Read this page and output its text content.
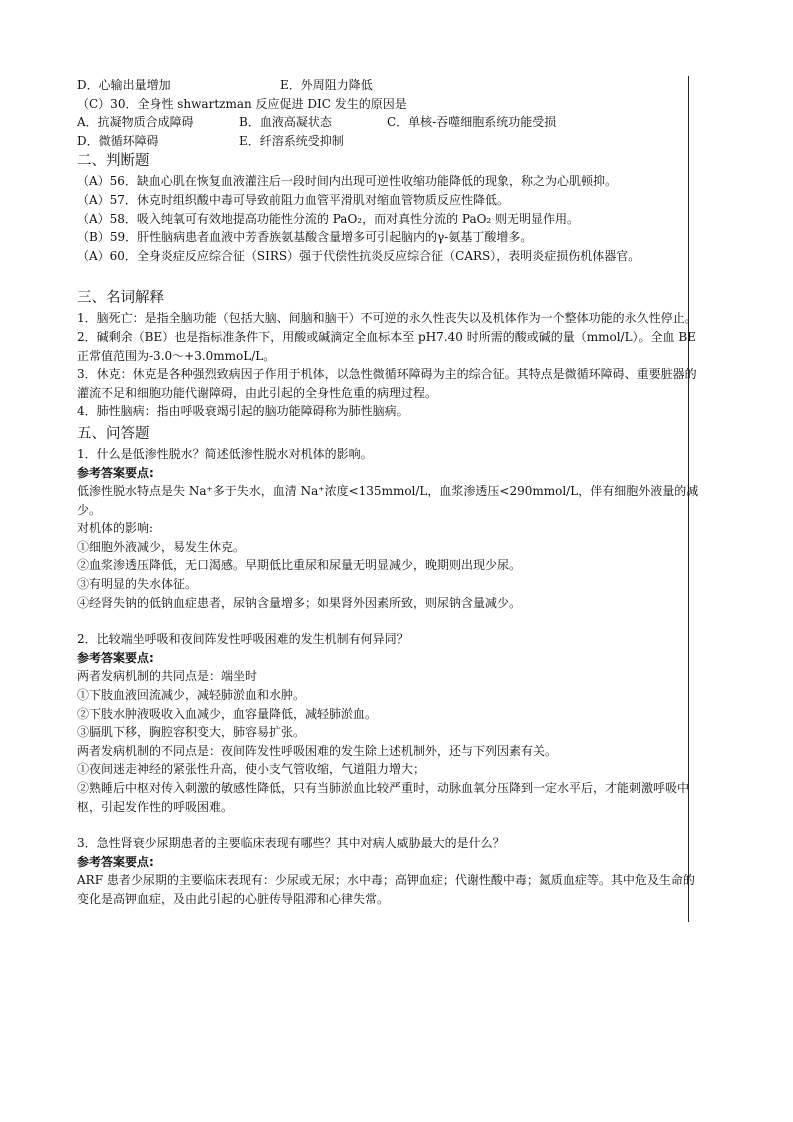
D．心输出量增加	E．外周阻力降低
（C）30．全身性 shwartzman 反应促进 DIC 发生的原因是
A．抗凝物质合成障碍	B．血液高凝状态	C．单核-吞噬细胞系统功能受损
D．微循环障碍	E．纤溶系统受抑制
二、判断题
（A）56．缺血心肌在恢复血液灌注后一段时间内出现可逆性收缩功能降低的现象，称之为心肌顿抑。
（A）57．休克时组织酸中毒可导致前阻力血管平滑肌对缩血管物质反应性降低。
（A）58．吸入纯氧可有效地提高功能性分流的 PaO₂，而对真性分流的 PaO₂ 则无明显作用。
（B）59．肝性脑病患者血液中芳香族氨基酸含量增多可引起脑内的γ-氨基丁酸增多。
（A）60．全身炎症反应综合征（SIRS）强于代偿性抗炎反应综合征（CARS），表明炎症损伤机体器官。
三、名词解释
1．脑死亡：是指全脑功能（包括大脑、间脑和脑干）不可逆的永久性丧失以及机体作为一个整体功能的永久性停止。
2．碱剩余（BE）也是指标准条件下，用酸或碱滴定全血标本至 pH7.40 时所需的酸或碱的量（mmol/L）。全血 BE 正常值范围为-3.0～+3.0mmoL/L。
3．休克：休克是各种强烈致病因子作用于机体，以急性微循环障碍为主的综合征。其特点是微循环障碍、重要脏器的灌流不足和细胞功能代谢障碍，由此引起的全身性危重的病理过程。
4．肺性脑病：指由呼吸衰竭引起的脑功能障碍称为肺性脑病。
五、问答题
1．什么是低渗性脱水？简述低渗性脱水对机体的影响。
参考答案要点:
低渗性脱水特点是失 Na⁺多于失水，血清 Na⁺浓度<135mmol/L，血浆渗透压<290mmol/L，伴有细胞外液量的减少。
对机体的影响:
①细胞外液减少，易发生休克。
②血浆渗透压降低，无口渴感。早期低比重尿和尿量无明显减少，晚期则出现少尿。
③有明显的失水体征。
④经肾失钠的低钠血症患者，尿钠含量增多；如果肾外因素所致，则尿钠含量减少。
2．比较端坐呼吸和夜间阵发性呼吸困难的发生机制有何异同？
参考答案要点:
两者发病机制的共同点是：端坐时
①下肢血液回流减少，减轻肺淤血和水肿。
②下肢水肿液吸收入血减少，血容量降低，减轻肺淤血。
③膈肌下移，胸腔容积变大，肺容易扩张。
两者发病机制的不同点是：夜间阵发性呼吸困难的发生除上述机制外，还与下列因素有关。
①夜间迷走神经的紧张性升高，使小支气管收缩，气道阻力增大；
②熟睡后中枢对传入刺激的敏感性降低，只有当肺淤血比较严重时，动脉血氧分压降到一定水平后，才能刺激呼吸中枢，引起发作性的呼吸困难。
3．急性肾衰少尿期患者的主要临床表现有哪些？其中对病人威胁最大的是什么？
参考答案要点:
ARF 患者少尿期的主要临床表现有：少尿或无尿；水中毒；高钾血症；代谢性酸中毒；氮质血症等。其中危及生命的变化是高钾血症，及由此引起的心脏传导阻滞和心律失常。
